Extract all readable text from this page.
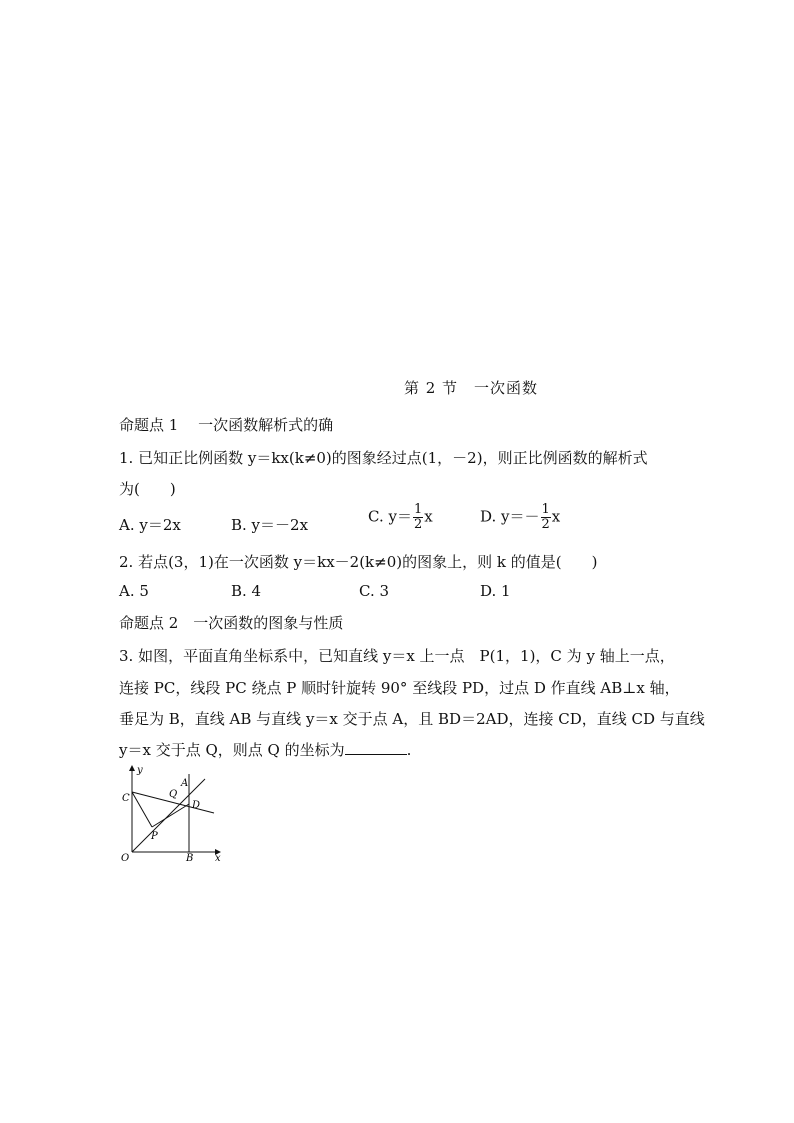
第 2 节　一次函数
命题点 1　 一次函数解析式的确
1. 已知正比例函数 y＝kx(k≠0)的图象经过点(1，－2)，则正比例函数的解析式
为(　　)
A. y＝2x	B. y＝－2x	C. $y= \frac{1}{2}$ x	D. $y=- \frac{1}{2}$ x
2. 若点(3，1)在一次函数 y＝kx－2(k≠0)的图象上，则 k 的值是(　　)
A. 5	B. 4	C. 3	D. 1
命题点 2　一次函数的图象与性质
3. 如图，平面直角坐标系中，已知直线 y＝x 上一点　P(1，1)，C 为 y 轴上一点，
连接 PC，线段 PC 绕点 P 顺时针旋转 90° 至线段 PD，过点 D 作直线 AB⊥x 轴，
垂足为 B，直线 AB 与直线 y＝x 交于点 A，且 BD＝2AD，连接 CD，直线 CD 与直线
y＝x 交于点 Q，则点 Q 的坐标为	.
y
x
O	B
C	Q
A
D
P
